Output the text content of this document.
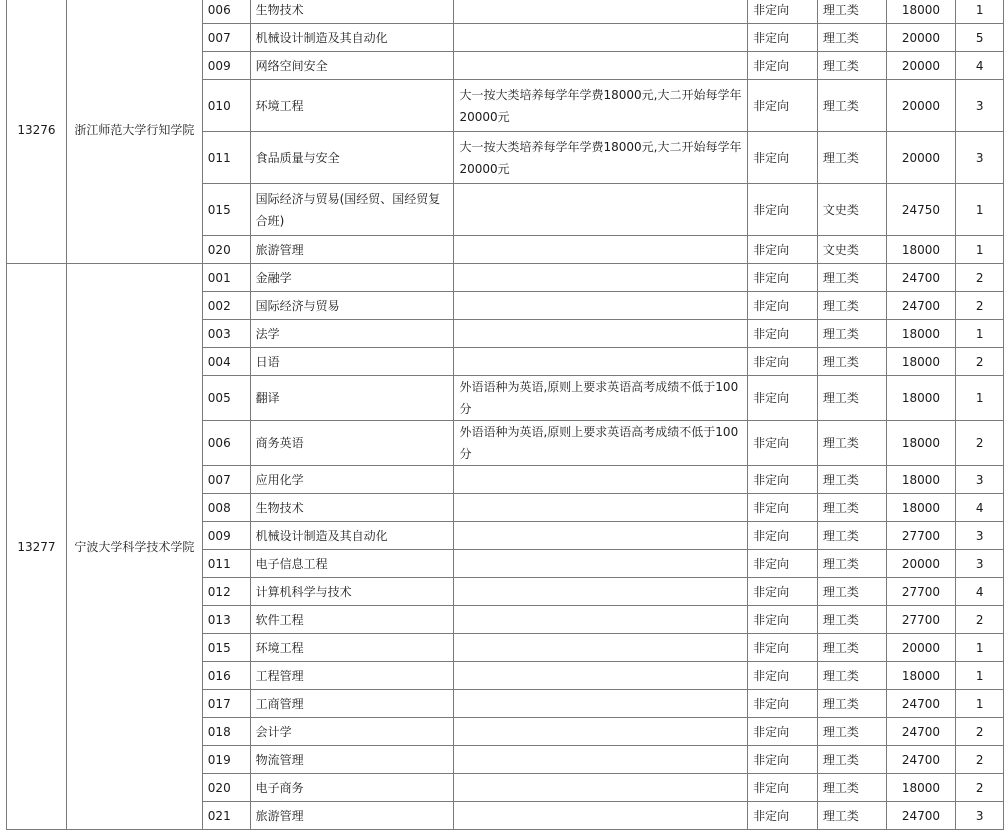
13276	浙江师范大学行知学院	006	生物技术		非定向	理工类	18000	1
		007	机械设计制造及其自动化		非定向	理工类	20000	5
		009	网络空间安全		非定向	理工类	20000	4
		010	环境工程	大一按大类培养每学年学费18000元,大二开始每学年20000元	非定向	理工类	20000	3
		011	食品质量与安全	大一按大类培养每学年学费18000元,大二开始每学年20000元	非定向	理工类	20000	3
		015	国际经济与贸易(国经贸、国经贸复合班)		非定向	文史类	24750	1
		020	旅游管理		非定向	文史类	18000	1
13277	宁波大学科学技术学院	001	金融学		非定向	理工类	24700	2
		002	国际经济与贸易		非定向	理工类	24700	2
		003	法学		非定向	理工类	18000	1
		004	日语		非定向	理工类	18000	2
		005	翻译	外语语种为英语,原则上要求英语高考成绩不低于100分	非定向	理工类	18000	1
		006	商务英语	外语语种为英语,原则上要求英语高考成绩不低于100分	非定向	理工类	18000	2
		007	应用化学		非定向	理工类	18000	3
		008	生物技术		非定向	理工类	18000	4
		009	机械设计制造及其自动化		非定向	理工类	27700	3
		011	电子信息工程		非定向	理工类	20000	3
		012	计算机科学与技术		非定向	理工类	27700	4
		013	软件工程		非定向	理工类	27700	2
		015	环境工程		非定向	理工类	20000	1
		016	工程管理		非定向	理工类	18000	1
		017	工商管理		非定向	理工类	24700	1
		018	会计学		非定向	理工类	24700	2
		019	物流管理		非定向	理工类	24700	2
		020	电子商务		非定向	理工类	18000	2
		021	旅游管理		非定向	理工类	24700	3
